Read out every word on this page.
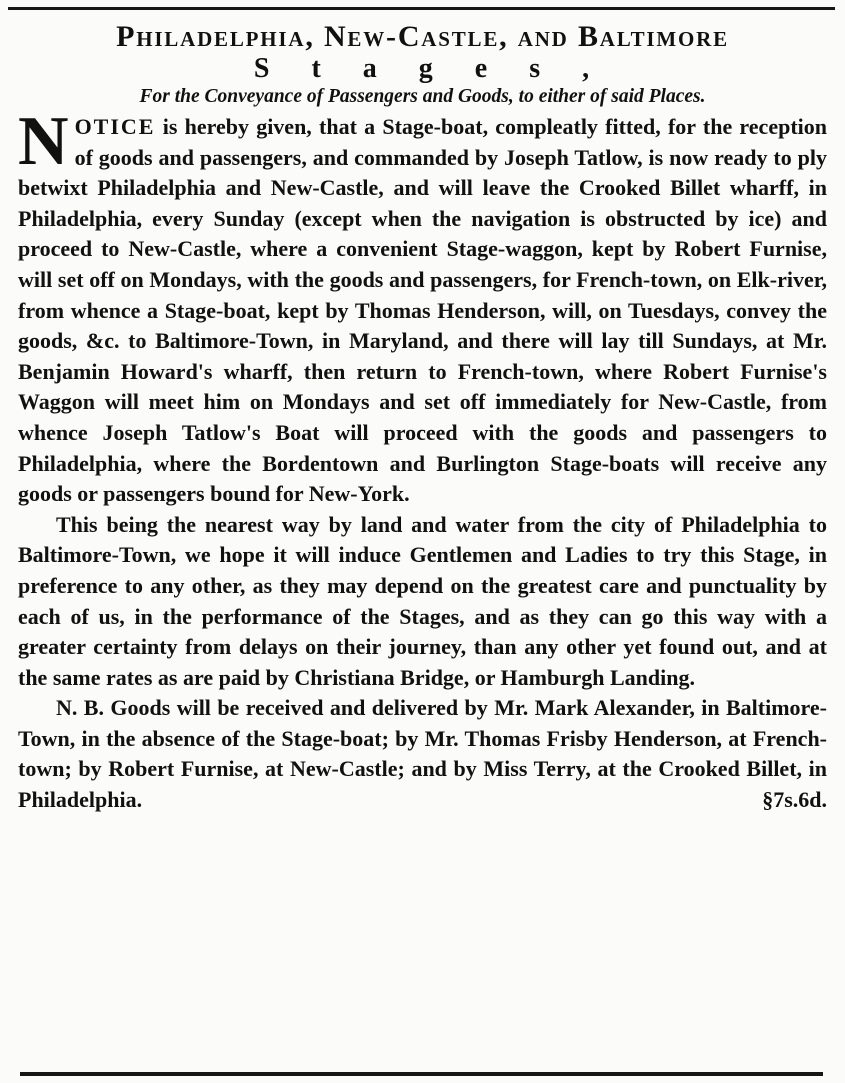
Philadelphia, New-Castle, and Baltimore
Stages,
For the Conveyance of Passengers and Goods, to either of said Places.

NOTICE is hereby given, that a Stage-boat, compleatly fitted, for the reception of goods and passengers, and commanded by Joseph Tatlow, is now ready to ply betwixt Philadelphia and New-Castle, and will leave the Crooked Billet wharff, in Philadelphia, every Sunday (except when the navigation is obstructed by ice) and proceed to New-Castle, where a convenient Stage-waggon, kept by Robert Furnise, will set off on Mondays, with the goods and passengers, for French-town, on Elk-river, from whence a Stage-boat, kept by Thomas Henderson, will, on Tuesdays, convey the goods, &c. to Baltimore-Town, in Maryland, and there will lay till Sundays, at Mr. Benjamin Howard's wharff, then return to French-town, where Robert Furnise's Waggon will meet him on Mondays and set off immediately for New-Castle, from whence Joseph Tatlow's Boat will proceed with the goods and passengers to Philadelphia, where the Bordentown and Burlington Stage-boats will receive any goods or passengers bound for New-York.

This being the nearest way by land and water from the city of Philadelphia to Baltimore-Town, we hope it will induce Gentlemen and Ladies to try this Stage, in preference to any other, as they may depend on the greatest care and punctuality by each of us, in the performance of the Stages, and as they can go this way with a greater certainty from delays on their journey, than any other yet found out, and at the same rates as are paid by Christiana Bridge, or Hamburgh Landing.

N. B. Goods will be received and delivered by Mr. Mark Alexander, in Baltimore-Town, in the absence of the Stage-boat; by Mr. Thomas Frisby Henderson, at French-town; by Robert Furnise, at New-Castle; and by Miss Terry, at the Crooked Billet, in Philadelphia.	§7s.6d.
